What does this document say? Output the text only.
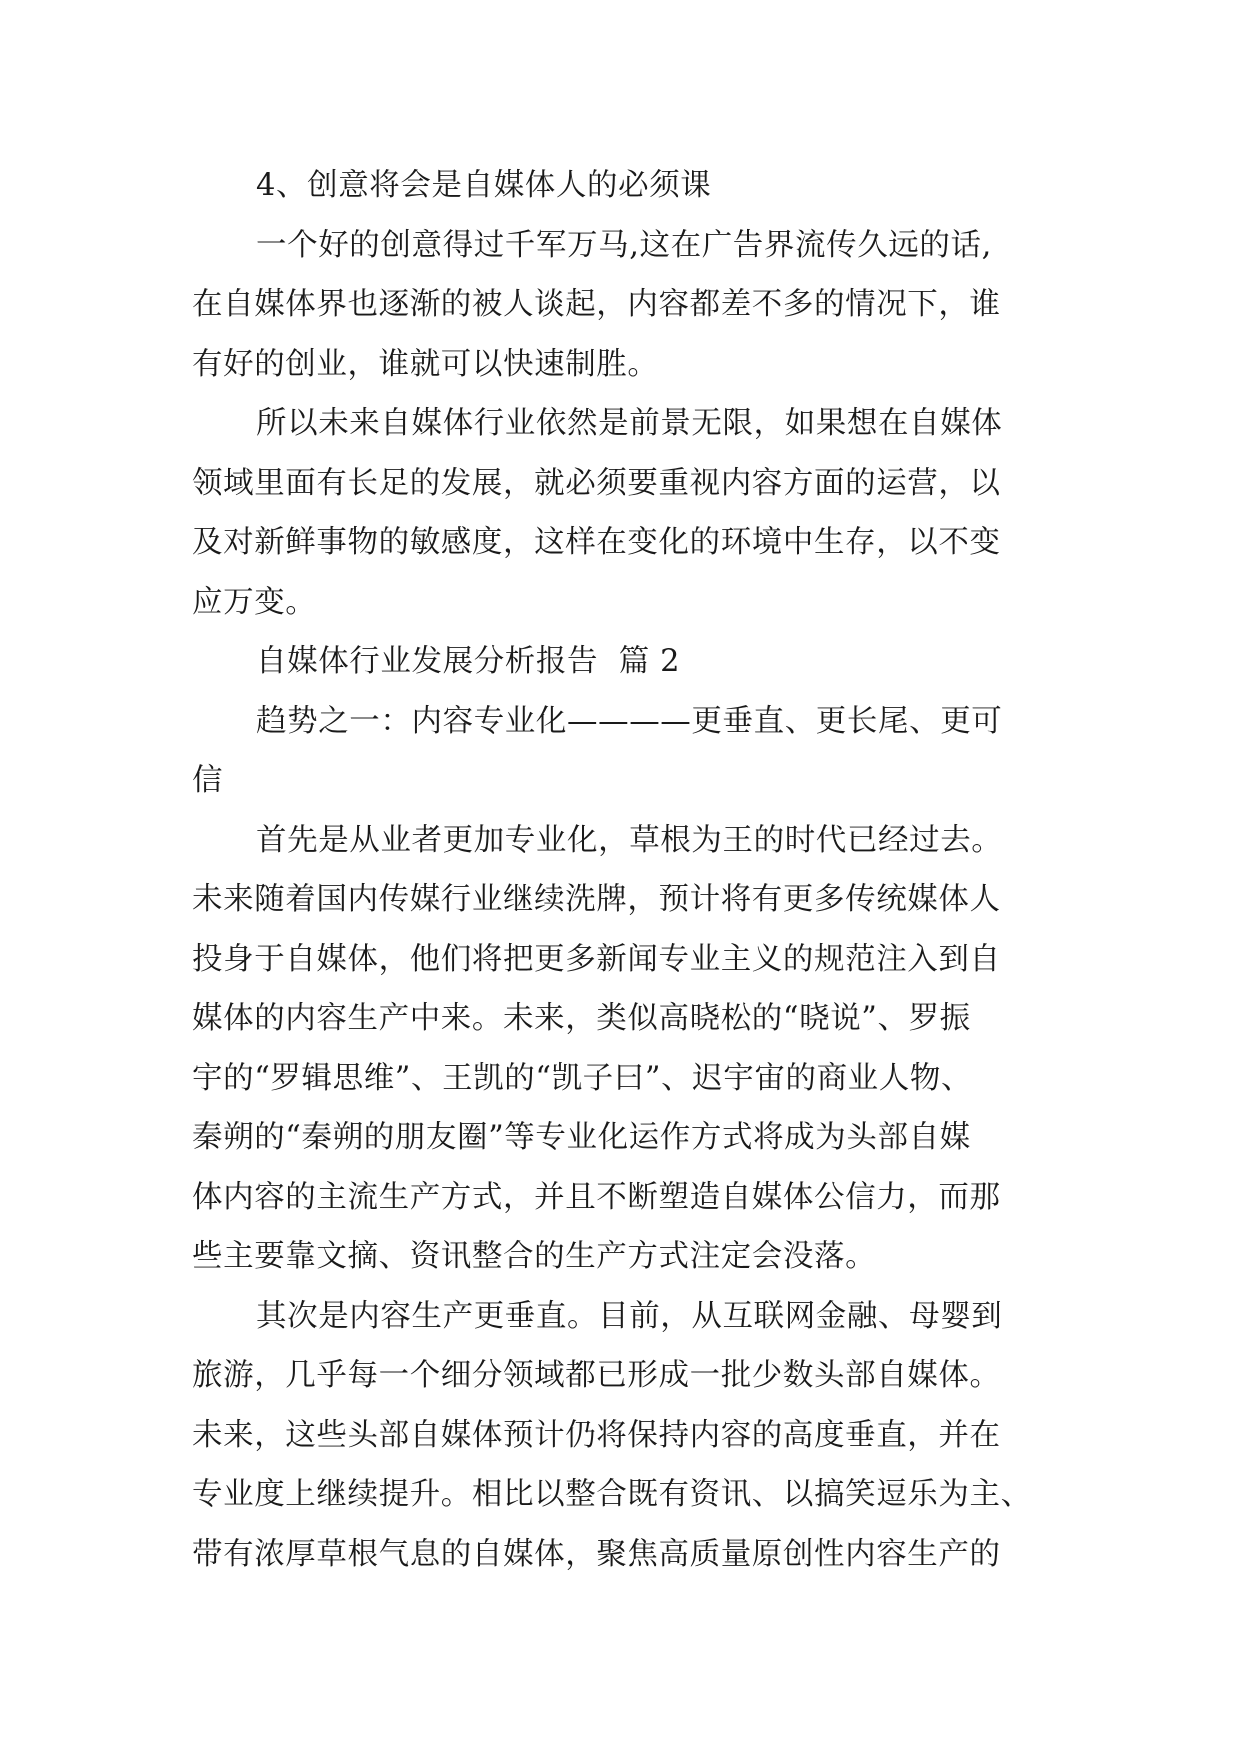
4、创意将会是自媒体人的必须课
一个好的创意得过千军万马,这在广告界流传久远的话,
在自媒体界也逐渐的被人谈起，内容都差不多的情况下，谁
有好的创业，谁就可以快速制胜。
所以未来自媒体行业依然是前景无限，如果想在自媒体
领域里面有长足的发展，就必须要重视内容方面的运营，以
及对新鲜事物的敏感度，这样在变化的环境中生存，以不变
应万变。
自媒体行业发展分析报告  篇 2
趋势之一：内容专业化————更垂直、更长尾、更可
信
首先是从业者更加专业化，草根为王的时代已经过去。
未来随着国内传媒行业继续洗牌，预计将有更多传统媒体人
投身于自媒体，他们将把更多新闻专业主义的规范注入到自
媒体的内容生产中来。未来，类似高晓松的“晓说”、罗振
宇的“罗辑思维”、王凯的“凯子曰”、迟宇宙的商业人物、
秦朔的“秦朔的朋友圈”等专业化运作方式将成为头部自媒
体内容的主流生产方式，并且不断塑造自媒体公信力，而那
些主要靠文摘、资讯整合的生产方式注定会没落。
其次是内容生产更垂直。目前，从互联网金融、母婴到
旅游，几乎每一个细分领域都已形成一批少数头部自媒体。
未来，这些头部自媒体预计仍将保持内容的高度垂直，并在
专业度上继续提升。相比以整合既有资讯、以搞笑逗乐为主、
带有浓厚草根气息的自媒体，聚焦高质量原创性内容生产的
